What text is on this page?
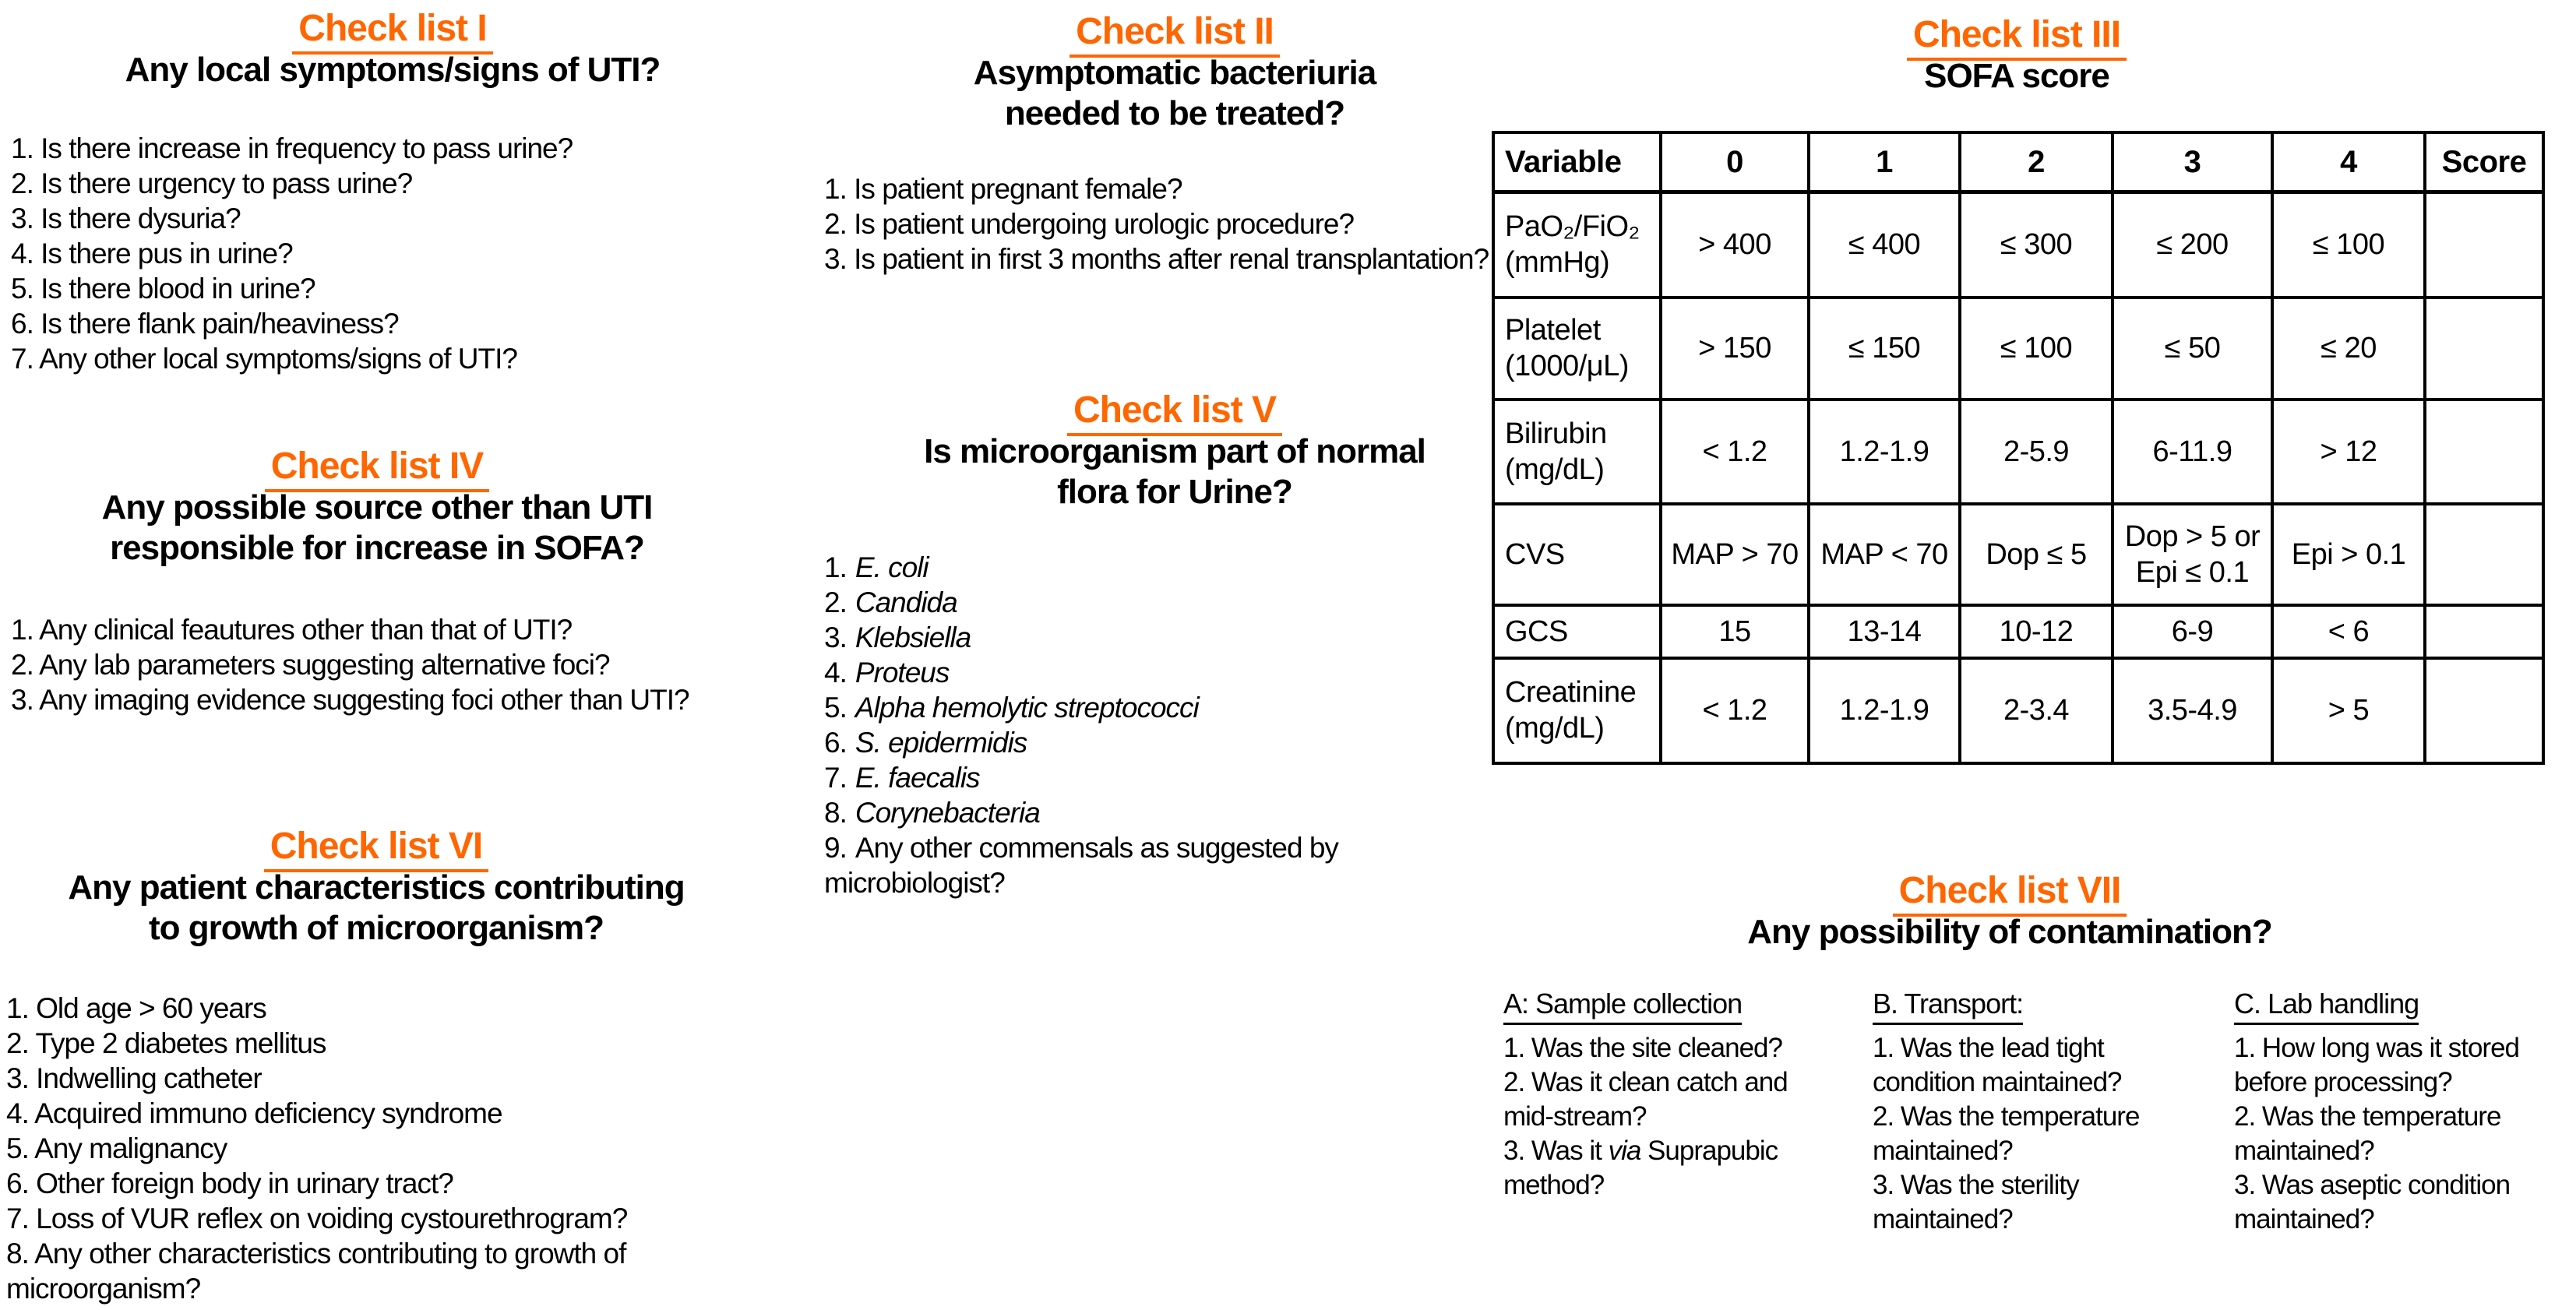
Check list I
Any local symptoms/signs of UTI?
1. Is there increase in frequency to pass urine?
2. Is there urgency to pass urine?
3. Is there dysuria?
4. Is there pus in urine?
5. Is there blood in urine?
6. Is there flank pain/heaviness?
7. Any other local symptoms/signs of UTI?
Check list II
Asymptomatic bacteriuria
needed to be treated?
1. Is patient pregnant female?
2. Is patient undergoing urologic procedure?
3. Is patient in first 3 months after renal transplantation?
Check list III
SOFA score
Variable	0	1	2	3	4	Score
PaO₂/FiO₂ (mmHg)	> 400	≤ 400	≤ 300	≤ 200	≤ 100	
Platelet (1000/μL)	> 150	≤ 150	≤ 100	≤ 50	≤ 20	
Bilirubin (mg/dL)	< 1.2	1.2-1.9	2-5.9	6-11.9	> 12	
CVS	MAP > 70	MAP < 70	Dop ≤ 5	Dop > 5 or Epi ≤ 0.1	Epi > 0.1	
GCS	15	13-14	10-12	6-9	< 6	
Creatinine (mg/dL)	< 1.2	1.2-1.9	2-3.4	3.5-4.9	> 5	
Check list IV
Any possible source other than UTI
responsible for increase in SOFA?
1. Any clinical feautures other than that of UTI?
2. Any lab parameters suggesting alternative foci?
3. Any imaging evidence suggesting foci other than UTI?
Check list V
Is microorganism part of normal
flora for Urine?
1. E. coli
2. Candida
3. Klebsiella
4. Proteus
5. Alpha hemolytic streptococci
6. S. epidermidis
7. E. faecalis
8. Corynebacteria
9. Any other commensals as suggested by microbiologist?
Check list VI
Any patient characteristics contributing
to growth of microorganism?
1. Old age > 60 years
2. Type 2 diabetes mellitus
3. Indwelling catheter
4. Acquired immuno deficiency syndrome
5. Any malignancy
6. Other foreign body in urinary tract?
7. Loss of VUR reflex on voiding cystourethrogram?
8. Any other characteristics contributing to growth of microorganism?
Check list VII
Any possibility of contamination?
A: Sample collection
1. Was the site cleaned?
2. Was it clean catch and mid-stream?
3. Was it via Suprapubic method?
B. Transport:
1. Was the lead tight condition maintained?
2. Was the temperature maintained?
3. Was the sterility maintained?
C. Lab handling
1. How long was it stored before processing?
2. Was the temperature maintained?
3. Was aseptic condition maintained?
